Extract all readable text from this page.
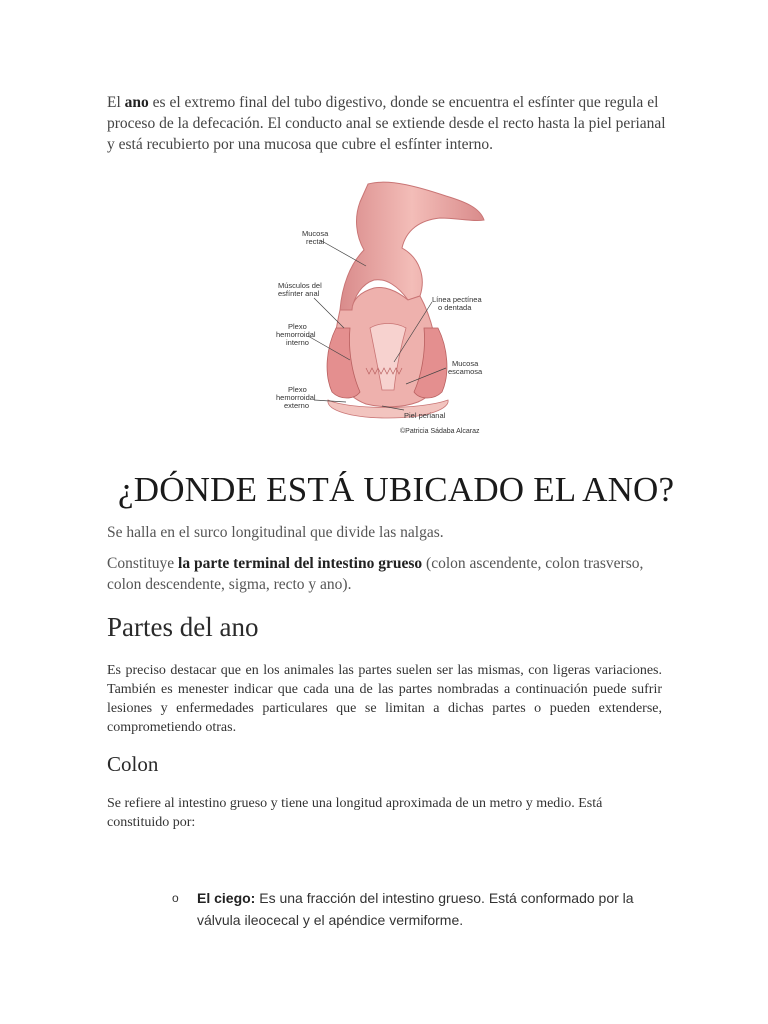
El ano es el extremo final del tubo digestivo, donde se encuentra el esfínter que regula el proceso de la defecación. El conducto anal se extiende desde el recto hasta la piel perianal y está recubierto por una mucosa que cubre el esfínter interno.

Mucosa
rectal
Músculos del
esfínter anal
Plexo
hemorroidal
interno
Plexo
hemorroidal
externo
Línea pectínea
o dentada
Mucosa
escamosa
Piel perianal
©Patricia Sádaba Alcaraz
¿DÓNDE ESTÁ UBICADO EL ANO?

Se halla en el surco longitudinal que divide las nalgas.

Constituye la parte terminal del intestino grueso (colon ascendente, colon trasverso, colon descendente, sigma, recto y ano).

Partes del ano

Es preciso destacar que en los animales las partes suelen ser las mismas, con ligeras variaciones. También es menester indicar que cada una de las partes nombradas a continuación puede sufrir lesiones y enfermedades particulares que se limitan a dichas partes o pueden extenderse, comprometiendo otras.

Colon

Se refiere al intestino grueso y tiene una longitud aproximada de un metro y medio. Está constituido por:

o El ciego: Es una fracción del intestino grueso. Está conformado por la válvula ileocecal y el apéndice vermiforme.
